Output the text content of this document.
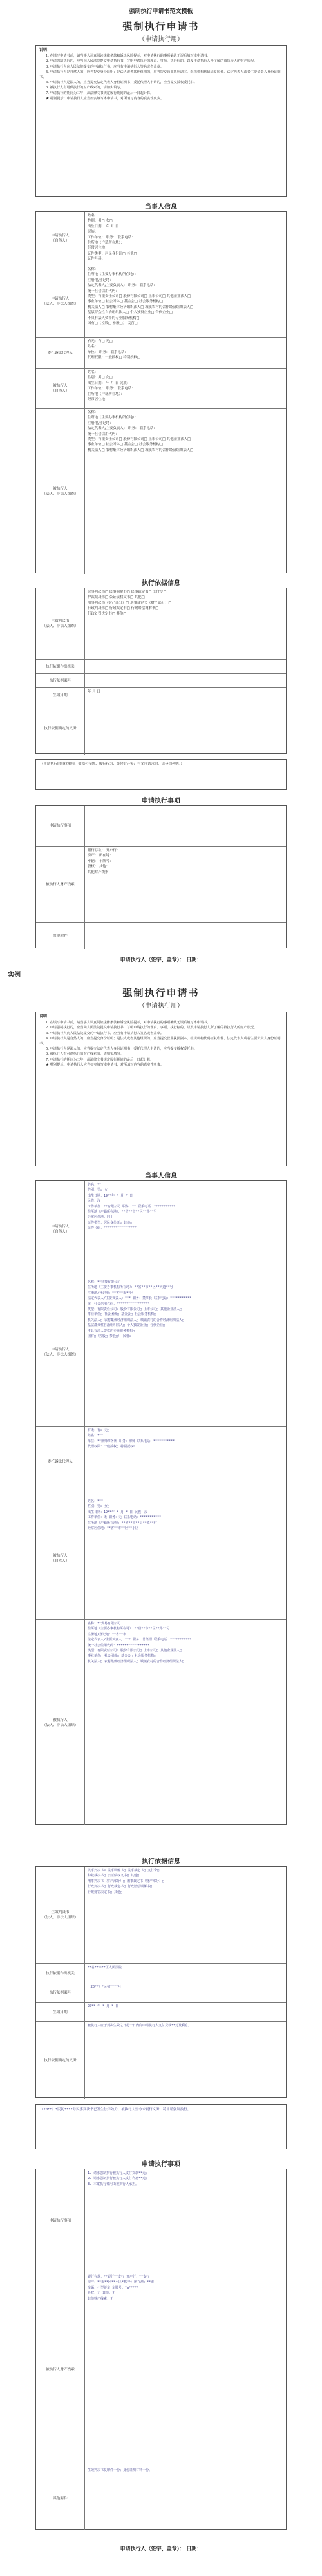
强制执行申请书范文模板
强制执行申请书
（申请执行用）
说明：

1. 在填写申请书前，请当事人认真阅读法律条款和诉讼风险提示，对申请执行的事项确认无误后填写本申请书。

2. 申请强制执行的，应当向人民法院提交申请执行书，写明申请执行的理由、事项、执行标的，以及申请执行人所了解的被执行人的财产状况。

3. 申请执行人向人民法院提交的申请执行书，应当有申请执行人签名或者盖章。

4. 申请执行人是自然人的，应当提交身份证明；是法人或者其他组织的，应当提交营业执照副本、组织机构代码证复印件、法定代表人或者主要负责人身份证明书。

5. 申请执行人是法人的，应当提交法定代表人身份证明书；委托代理人申请的，应当提交授权委托书。

6. 被执行人有可供执行的财产线索的，请如实填写。

7. 申请执行的期间为二年，从法律文书规定履行期间的最后一日起计算。

★ 特别提示：申请执行人应当如实填写本申请书，对所填写内容的真实性负责。

当事人信息
申请执行人
（自然人）
姓名：
性别：男□ 女□
出生日期： 年 月 日
民族：
工作单位： 职务： 联系电话：
住所地（户籍所在地）：
经常居住地：
证件类型：居民身份证□ 其他□
证件号码：
申请执行人
（法人、非法人组织）
名称：
住所地（主要办事机构所在地）：
注册地/登记地：
法定代表人/主要负责人： 职务： 联系电话：
统一社会信用代码：
类型：有限责任公司□ 股份有限公司□ 上市公司□ 其他企业法人□
事业单位□ 社会团体□ 基金会□ 社会服务机构□
机关法人□ 农村集体经济组织法人□ 城镇农村的合作经济组织法人□
基层群众性自治组织法人□ 个人独资企业□ 合伙企业□
不具有法人资格的专业服务机构□
国有□（控股□ 参股□） 民营□
委托诉讼代理人
有无：有□ 无□
姓名：
单位： 职务： 联系电话：
代理权限：一般授权□ 特别授权□
被执行人
（自然人）
姓名：
性别：男□ 女□
出生日期： 年 月 日 民族：
工作单位： 职务： 联系电话：
住所地（户籍所在地）：
经常居住地：
被执行人
（法人、非法人组织）
名称：
住所地（主要办事机构所在地）：
注册地/登记地：
法定代表人/主要负责人： 职务： 联系电话：
统一社会信用代码：
类型：有限责任公司□ 股份有限公司□ 上市公司□ 其他企业法人□
事业单位□ 社会团体□ 基金会□ 社会服务机构□
机关法人□ 农村集体经济组织法人□ 城镇农村的合作经济组织法人□
执行依据信息
生效判决书
（法人、非法人组织）
民事判决书□ 民事调解书□ 民事裁定书□ 支付令□
仲裁裁决书□ 公证债权文书□ 其他□
刑事判决书（财产部分）□ 刑事裁定书（财产部分）□
行政判决书□ 行政裁定书□ 行政赔偿调解书□
行政处罚决定书□ 其他□
执行依据作出机关
执行依据案号
生效日期
年 月 日
执行依据确定的义务
（申请执行的具体事项，如给付金额、履行行为、交付财产等；有多项请求的，请分别列明。）
申请执行事项
申请执行事项
被执行人财产线索
银行存款： 开户行：
房产： 所在地：
车辆： 车牌号：
股权： 其他：
其他财产线索：
其他附件
申请执行人（签字、盖章）： 日期：
实例
强制执行申请书
（申请执行用）
说明：

1. 在填写申请书前，请当事人认真阅读法律条款和诉讼风险提示，对申请执行的事项确认无误后填写本申请书。

2. 申请强制执行的，应当向人民法院提交申请执行书，写明申请执行的理由、事项、执行标的，以及申请执行人所了解的被执行人的财产状况。

3. 申请执行人向人民法院提交的申请执行书，应当有申请执行人签名或者盖章。

4. 申请执行人是自然人的，应当提交身份证明；是法人或者其他组织的，应当提交营业执照副本、组织机构代码证复印件、法定代表人或者主要负责人身份证明书。

5. 申请执行人是法人的，应当提交法定代表人身份证明书；委托代理人申请的，应当提交授权委托书。

6. 被执行人有可供执行的财产线索的，请如实填写。

7. 申请执行的期间为二年，从法律文书规定履行期间的最后一日起计算。

★ 特别提示：申请执行人应当如实填写本申请书，对所填写内容的真实性负责。

当事人信息
申请执行人
（自然人）
姓名：**
性别：男☑ 女□
出生日期：19**年 * 月 * 日
民族：汉
工作单位：**有限公司 职务：** 联系电话：***********
住所地（户籍所在地）：**省**市**区**路**号
经常居住地：同上
证件类型：居民身份证☑ 其他□
证件号码：*****************
申请执行人
（法人、非法人组织）
名称：**科技有限公司
住所地（主要办事机构所在地）：**省**市**区**大道**号
注册地/登记地：**省**市**区
法定代表人/主要负责人：*** 职务：董事长 联系电话：***********
统一社会信用代码：*****************
类型：有限责任公司☑ 股份有限公司□ 上市公司□ 其他企业法人□
事业单位□ 社会团体□ 基金会□ 社会服务机构□
机关法人□ 农村集体经济组织法人□ 城镇农村的合作经济组织法人□
基层群众性自治组织法人□ 个人独资企业□ 合伙企业□
不具有法人资格的专业服务机构□
国有□（控股□ 参股□） 民营☑
委托诉讼代理人
有无：有☑ 无□
姓名：***
单位：**律师事务所 职务：律师 联系电话：***********
代理权限：一般授权□ 特别授权☑
被执行人
（自然人）
姓名：***
性别：男☑ 女□
出生日期：19**年 * 月 * 日 民族：汉
工作单位：无 职务：无 联系电话：***********
住所地（户籍所在地）：**省**市**县**镇**村
经常居住地：**省**市**区**小区
被执行人
（法人、非法人组织）
名称：**贸易有限公司
住所地（主要办事机构所在地）：**省**市**区**路**号
注册地/登记地：**省**市
法定代表人/主要负责人：*** 职务：总经理 联系电话：***********
统一社会信用代码：*****************
类型：有限责任公司☑ 股份有限公司□ 上市公司□ 其他企业法人□
事业单位□ 社会团体□ 基金会□ 社会服务机构□
机关法人□ 农村集体经济组织法人□ 城镇农村的合作经济组织法人□
执行依据信息
生效判决书
（法人、非法人组织）
民事判决书☑ 民事调解书□ 民事裁定书□ 支付令□
仲裁裁决书□ 公证债权文书□ 其他□
刑事判决书（财产部分）□ 刑事裁定书（财产部分）□
行政判决书□ 行政裁定书□ 行政赔偿调解书□
行政处罚决定书□ 其他□
执行依据作出机关
**省**市**区人民法院
执行依据案号
（20**）*民初****号
生效日期
20** 年 * 月 * 日
执行依据确定的义务
被执行人应于判决生效之日起十日内向申请执行人支付货款**元及利息。
（20**）*民初****号民事判决书已发生法律效力，被执行人至今未履行义务，特申请强制执行。
申请执行事项
申请执行事项
1. 请求强制执行被执行人支付货款**元；
2. 请求强制执行被执行人支付利息**元；
3. 本案执行费用由被执行人承担。
被执行人财产线索
银行存款：**银行**支行 开户行：**支行
房产：**市**区**小区*栋*号 所在地：**市
车辆：小型轿车 车牌号：*A*****
股权：无 其他：无
其他财产线索：无
其他附件
生效判决书复印件一份；身份证明材料一份。
申请执行人（签字、盖章）： 日期：
